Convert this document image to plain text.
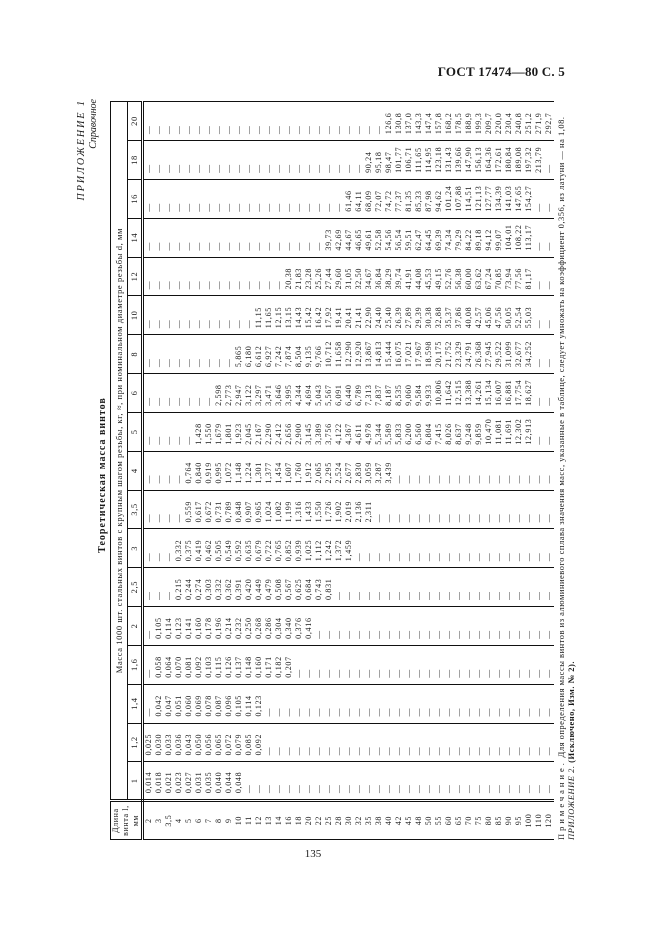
ГОСТ 17474—80 С. 5
ПРИЛОЖЕНИЕ 1 Справочное
Теоретическая масса винтов
Длина винта l, мм	Масса 1000 шт. стальных винтов с крупным шагом резьбы, кг, ≈, при номинальном диаметре резьбы d, мм																	
	1	1,2	1,4	1,6	2	2,5	3	3,5	4	5	6	8	10	12	14	16	18	20
2	0,014	0,025	—	—	—	—	—	—	—	—	—	—	—	—	—	—	—	—
3	0,018	0,030	0,042	0,058	0,105	—	—	—	—	—	—	—	—	—	—	—	—	—
3,5	0,021	0,033	0,047	0,064	0,114	—	—	—	—	—	—	—	—	—	—	—	—	—
4	0,023	0,036	0,051	0,070	0,123	0,215	0,332	—	—	—	—	—	—	—	—	—	—	—
5	0,027	0,043	0,060	0,081	0,141	0,244	0,375	0,559	0,764	—	—	—	—	—	—	—	—	—
6	0,031	0,050	0,069	0,092	0,160	0,274	0,419	0,617	0,840	1,428	—	—	—	—	—	—	—	—
7	0,035	0,056	0,078	0,103	0,178	0,303	0,462	0,672	0,919	1,550	—	—	—	—	—	—	—	—
8	0,040	0,065	0,087	0,115	0,196	0,332	0,505	0,731	0,995	1,679	2,598	—	—	—	—	—	—	—
9	0,044	0,072	0,096	0,126	0,214	0,362	0,549	0,789	1,072	1,801	2,773	—	—	—	—	—	—	—
10	0,048	0,079	0,105	0,137	0,232	0,391	0,592	0,848	1,148	1,923	2,947	5,865	—	—	—	—	—	—
11	—	0,085	0,114	0,148	0,250	0,420	0,635	0,907	1,224	2,045	3,122	6,180	—	—	—	—	—	—
12	—	0,092	0,123	0,160	0,268	0,449	0,679	0,965	1,301	2,167	3,297	6,612	11,15	—	—	—	—	—
13	—	—	—	0,171	0,286	0,479	0,722	1,024	1,377	2,290	3,471	6,927	11,65	—	—	—	—	—
14	—	—	—	0,182	0,304	0,508	0,765	1,082	1,454	2,412	3,646	7,242	12,15	—	—	—	—	—
16	—	—	—	0,207	0,340	0,567	0,852	1,199	1,607	2,656	3,995	7,874	13,15	20,38	—	—	—	—
18	—	—	—	—	0,376	0,625	0,939	1,316	1,760	2,900	4,344	8,504	14,43	21,83	—	—	—	—
20	—	—	—	—	0,416	0,684	1,025	1,433	1,912	3,145	4,694	9,135	15,42	23,28	—	—	—	—
22	—	—	—	—	—	0,743	1,112	1,550	2,065	3,389	5,043	9,766	16,42	25,26	—	—	—	—
25	—	—	—	—	—	0,831	1,242	1,726	2,295	3,756	5,567	10,712	17,92	27,44	39,73	—	—	—
28	—	—	—	—	—	—	1,372	1,902	2,524	4,122	6,091	11,658	19,41	29,60	42,69	—	—	—
30	—	—	—	—	—	—	1,459	2,019	2,677	4,367	6,440	12,290	20,41	31,05	44,67	61,46	—	—
32	—	—	—	—	—	—	—	2,136	2,830	4,611	6,789	12,920	21,41	32,50	46,65	64,11	—	—
35	—	—	—	—	—	—	—	2,311	3,059	4,978	7,313	13,867	22,90	34,67	49,61	68,09	90,24	—
38	—	—	—	—	—	—	—	—	3,287	5,344	7,837	14,813	24,40	36,84	52,58	72,07	95,18	—
40	—	—	—	—	—	—	—	—	3,439	5,589	8,187	15,444	25,40	38,29	54,56	74,72	98,47	126,6
42	—	—	—	—	—	—	—	—	—	5,833	8,535	16,075	26,39	39,74	56,54	77,37	101,77	130,8
45	—	—	—	—	—	—	—	—	—	6,200	9,060	17,021	27,89	41,91	59,51	81,35	106,71	137,0
48	—	—	—	—	—	—	—	—	—	6,560	9,584	17,967	29,39	44,08	62,47	85,33	111,65	143,3
50	—	—	—	—	—	—	—	—	—	6,804	9,933	18,598	30,38	45,53	64,45	87,98	114,95	147,4
55	—	—	—	—	—	—	—	—	—	7,415	10,806	20,175	32,88	49,15	69,39	94,62	123,18	157,8
60	—	—	—	—	—	—	—	—	—	8,026	11,642	21,752	35,37	52,76	74,34	101,24	131,43	168,2
65	—	—	—	—	—	—	—	—	—	8,637	12,515	23,329	37,86	56,38	79,29	107,88	139,66	178,5
70	—	—	—	—	—	—	—	—	—	9,248	13,388	24,791	40,08	60,00	84,22	114,51	147,90	188,9
75	—	—	—	—	—	—	—	—	—	9,859	14,261	26,368	42,57	63,62	89,18	121,13	156,13	199,3
80	—	—	—	—	—	—	—	—	—	10,470	15,134	27,945	45,06	67,24	94,12	127,77	164,36	209,7
85	—	—	—	—	—	—	—	—	—	11,081	16,007	29,522	47,56	70,85	99,07	134,39	172,61	220,0
90	—	—	—	—	—	—	—	—	—	11,691	16,881	31,099	50,05	73,94	104,01	141,03	180,84	230,4
95	—	—	—	—	—	—	—	—	—	12,302	17,754	32,677	52,54	77,56	108,22	147,65	189,08	240,8
100	—	—	—	—	—	—	—	—	—	12,913	18,627	34,252	55,03	81,17	113,17	154,27	197,32	251,2
110	—	—	—	—	—	—	—	—	—	—	—	—	—	—	—	—	213,79	271,9
120	—	—	—	—	—	—	—	—	—	—	—	—	—	—	—	—	—	292,7
Примечание. Для определения массы винтов из алюминиевого сплава значения масс, указанные в таблице, следует умножать на коэффициент 0,356, из латуни — на 1,08.
ПРИЛОЖЕНИЕ 2. (Исключено, Изм. № 2).
135
